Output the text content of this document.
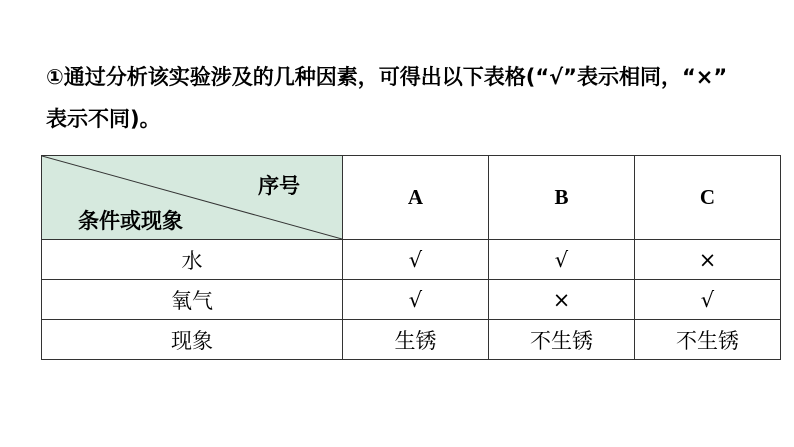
①通过分析该实验涉及的几种因素，可得出以下表格(“√”表示相同，“×”
表示不同)。
序号
条件或现象	A	B	C
水	√	√	×
氧气	√	×	√
现象	生锈	不生锈	不生锈
